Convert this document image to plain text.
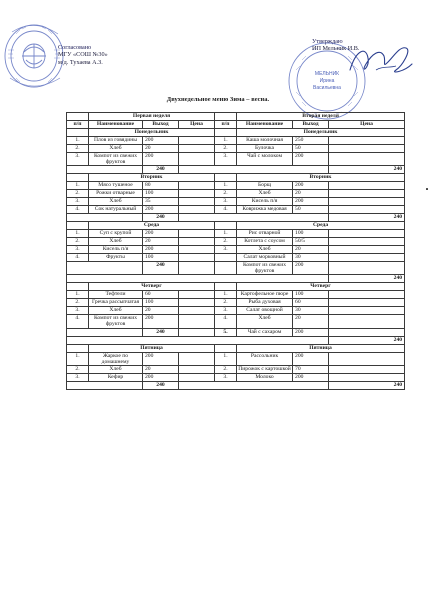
МЕЛЬНИК
Ирина
Васильевна
Согласовано
МГУ «СОШ №30»
м/д. Тухаева А.З.
Утверждаю
ИП Мельник И.В.
Двухнедельное меню Зима – весна.
	Первая неделя				Вторая неделя		
п/п	Наименование	Выход	Цена	п/п	Наименование	Выход	Цена
	Понедельник				Понедельник		
1.	Плов из говядины	200		1.	Каша молочная	250	
2.	Хлеб	20		2.	Булочка	50	
3.	Компот из свежих фруктов	200		3.	Чай с молоком	200	
		240					240
	Вторник				Вторник		
1.	Мясо тушеное	80		1.	Борщ	200	
2.	Рожки отварные	100		2.	Хлеб	20	
3.	Хлеб	35		3.	Кисель п/я	200	
4.	Сок натуральный	200		4.	Коврижка медовая	50	
		240					240
	Среда				Среда		
1.	Суп с крупой	200		1.	Рис отварной	100	
2.	Хлеб	20		2.	Котлета с соусом	50/5	
3.	Кисель п/я	200		3.	Хлеб	20	
4.	Фрукты	100			Салат морковный	30	
		240			Компот из свежих фруктов	200	
							240
	Четверг				Четверг		
1.	Тефтели	60		1.	Картофельное пюре	100	
2.	Гречка рассыпчатая	100		2.	Рыба духовая	60	
3.	Хлеб	20		3.	Салат овощной	30	
4.	Компот из свежих фруктов	200		4.	Хлеб	20	
		240		5.	Чай с сахаром	200	
							240
	Пятница				Пятница		
1.	Жаркое по домашнему	200		1.	Рассольник	200	
2.	Хлеб	20		2.	Пирожок с картошкой	70	
3.	Кефир	200		3.	Молоко	200	
		240					240
